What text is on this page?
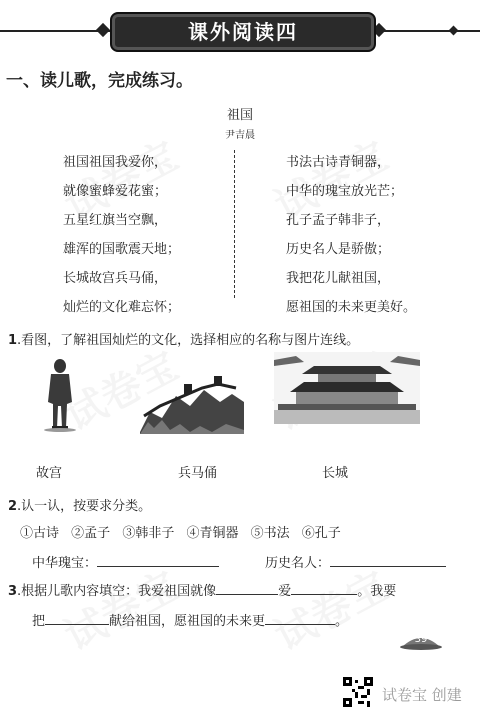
课外阅读四
一、读儿歌，完成练习。
祖国
尹吉晨
祖国祖国我爱你，
就像蜜蜂爱花蜜；
五星红旗当空飘，
雄浑的国歌震天地；
长城故宫兵马俑，
灿烂的文化难忘怀；
书法古诗青铜器，
中华的瑰宝放光芒；
孔子孟子韩非子，
历史名人是骄傲；
我把花儿献祖国，
愿祖国的未来更美好。
1.看图，了解祖国灿烂的文化，选择相应的名称与图片连线。
故宫	兵马俑	长城
2.认一认，按要求分类。
①古诗 ②孟子 ③韩非子 ④青铜器 ⑤书法 ⑥孔子
中华瑰宝：	历史名人：
3.根据儿歌内容填空：我爱祖国就像	爱	。我要
把	献给祖国，愿祖国的未来更	。
39
试卷宝 创建
